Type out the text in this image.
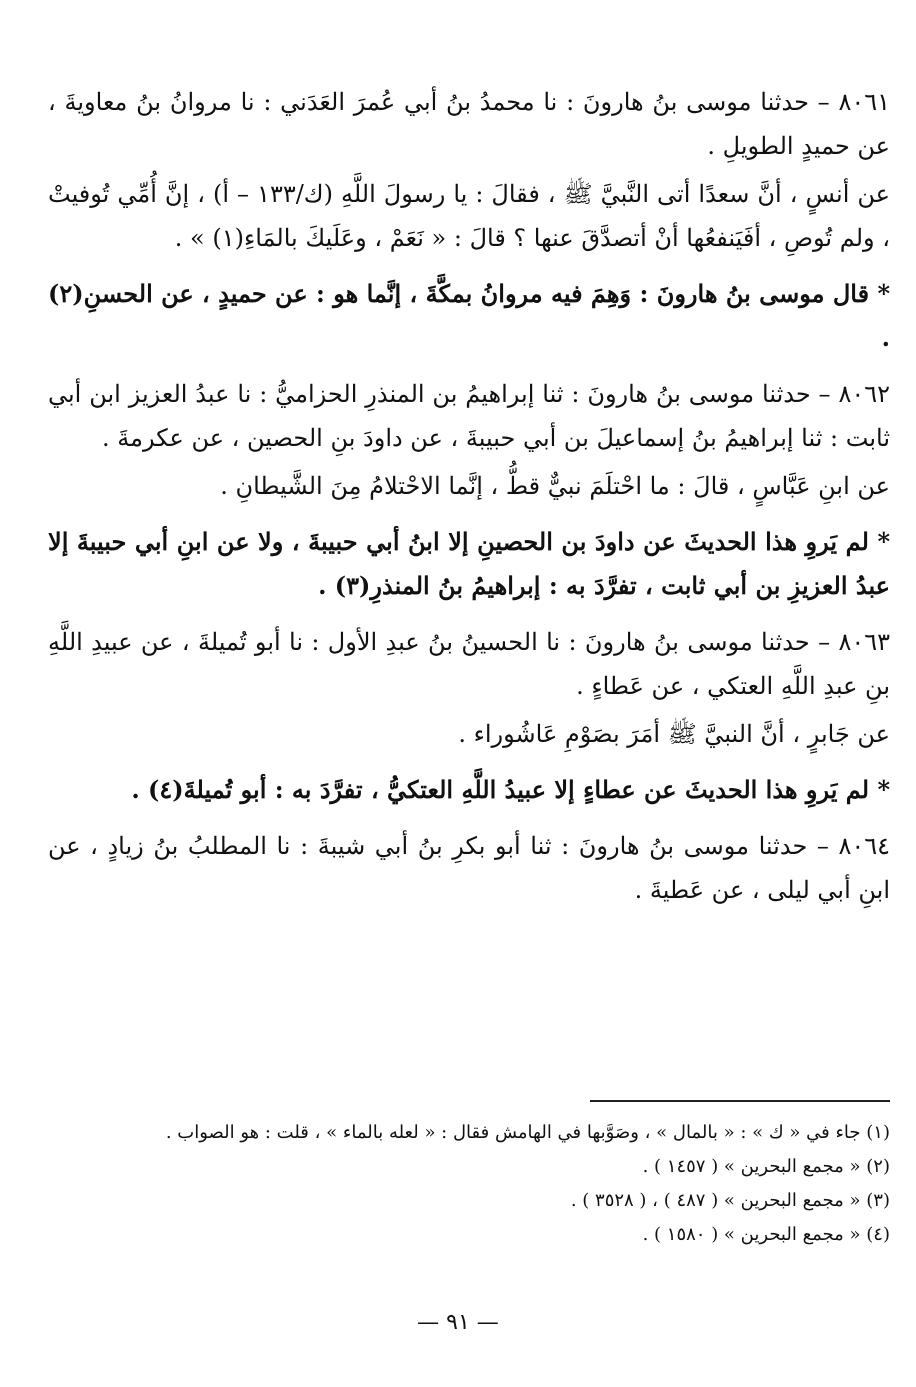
٨٠٦١ – حدثنا موسى بنُ هارونَ : نا محمدُ بنُ أبي عُمرَ العَدَني : نا مروانُ بنُ معاويةَ ، عن حميدٍ الطويلِ .

عن أنسٍ ، أنَّ سعدًا أتى النَّبيَّ ﷺ ، فقالَ : يا رسولَ اللَّهِ (ك/١٣٣ – أ) ، إنَّ أُمِّي تُوفيتْ ، ولم تُوصِ ، أفَيَنفعُها أنْ أتصدَّقَ عنها ؟ قالَ : « نَعَمْ ، وعَلَيكَ بالمَاءِ(١) » .

* قال موسى بنُ هارونَ : وَهِمَ فيه مروانُ بمكَّةَ ، إنَّما هو : عن حميدٍ ، عن الحسنِ(٢) .

٨٠٦٢ – حدثنا موسى بنُ هارونَ : ثنا إبراهيمُ بن المنذرِ الحزاميُّ : نا عبدُ العزيز ابن أبي ثابت : ثنا إبراهيمُ بنُ إسماعيلَ بن أبي حبيبةَ ، عن داودَ بنِ الحصين ، عن عكرمةَ .

عن ابنِ عَبَّاسٍ ، قالَ : ما احْتلَمَ نبيٌّ قطُّ ، إنَّما الاحْتلامُ مِنَ الشَّيطانِ .

* لم يَروِ هذا الحديثَ عن داودَ بن الحصينِ إلا ابنُ أبي حبيبةَ ، ولا عن ابنِ أبي حبيبةَ إلا عبدُ العزيزِ بن أبي ثابت ، تفرَّدَ به : إبراهيمُ بنُ المنذرِ(٣) .

٨٠٦٣ – حدثنا موسى بنُ هارونَ : نا الحسينُ بنُ عبدِ الأول : نا أبو تُميلةَ ، عن عبيدِ اللَّهِ بنِ عبدِ اللَّهِ العتكي ، عن عَطاءٍ .

عن جَابرٍ ، أنَّ النبيَّ ﷺ أمَرَ بصَوْمِ عَاشُوراء .

* لم يَروِ هذا الحديثَ عن عطاءٍ إلا عبيدُ اللَّهِ العتكيُّ ، تفرَّدَ به : أبو تُميلةَ(٤) .

٨٠٦٤ – حدثنا موسى بنُ هارونَ : ثنا أبو بكرِ بنُ أبي شيبةَ : نا المطلبُ بنُ زيادٍ ، عن ابنِ أبي ليلى ، عن عَطيةَ .

(١) جاء في « ك » : « بالمال » ، وصَوَّبها في الهامش فقال : « لعله بالماء » ، قلت : هو الصواب .

(٢) « مجمع البحرين » ( ١٤٥٧ ) .

(٣) « مجمع البحرين » ( ٤٨٧ ) ، ( ٣٥٢٨ ) .

(٤) « مجمع البحرين » ( ١٥٨٠ ) .

— ٩١ —
